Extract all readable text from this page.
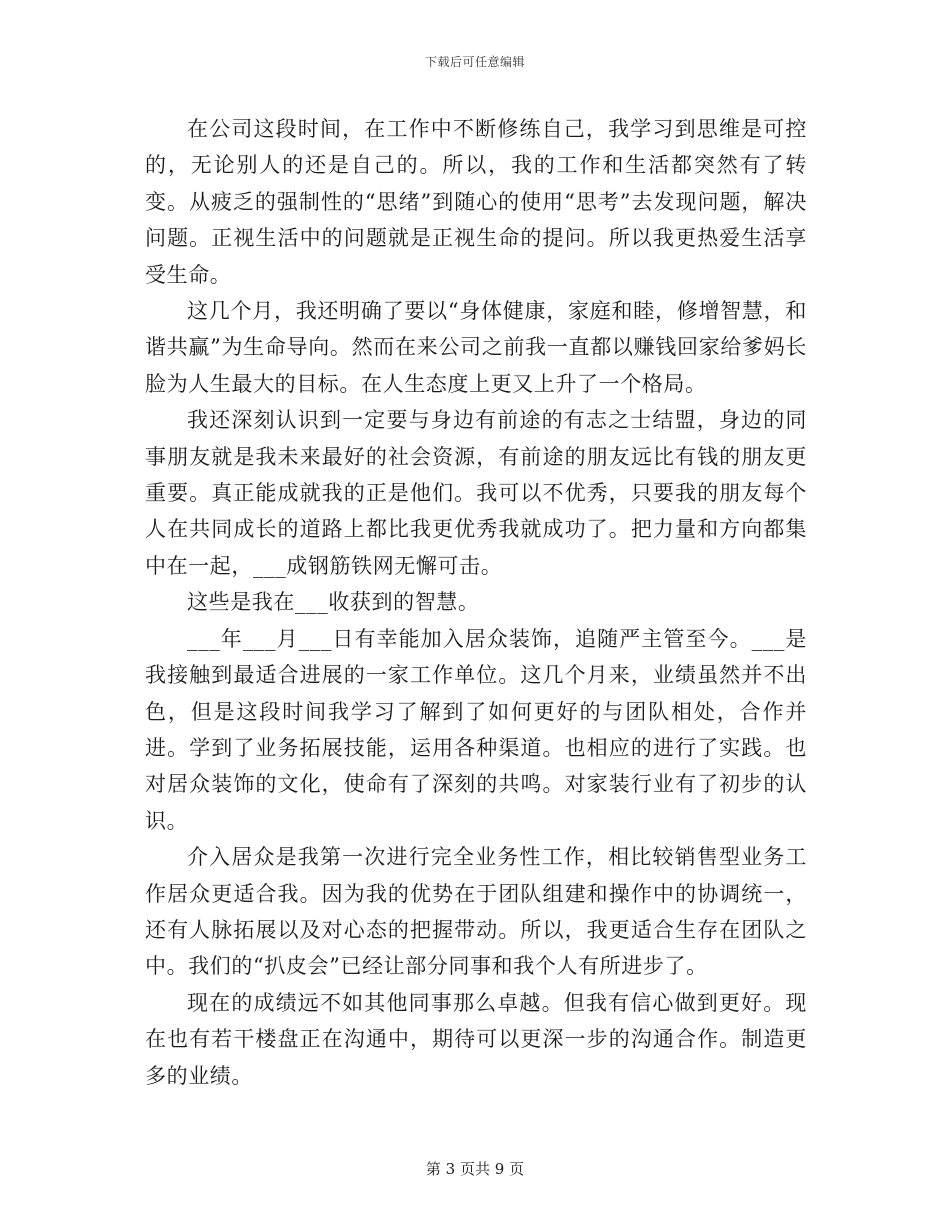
下载后可任意编辑

在公司这段时间，在工作中不断修练自己，我学习到思维是可控的，无论别人的还是自己的。所以，我的工作和生活都突然有了转变。从疲乏的强制性的“思绪”到随心的使用“思考”去发现问题，解决问题。正视生活中的问题就是正视生命的提问。所以我更热爱生活享受生命。

这几个月，我还明确了要以“身体健康，家庭和睦，修增智慧，和谐共赢”为生命导向。然而在来公司之前我一直都以赚钱回家给爹妈长脸为人生最大的目标。在人生态度上更又上升了一个格局。

我还深刻认识到一定要与身边有前途的有志之士结盟，身边的同事朋友就是我未来最好的社会资源，有前途的朋友远比有钱的朋友更重要。真正能成就我的正是他们。我可以不优秀，只要我的朋友每个人在共同成长的道路上都比我更优秀我就成功了。把力量和方向都集中在一起，___成钢筋铁网无懈可击。

这些是我在___收获到的智慧。

___年___月___日有幸能加入居众装饰，追随严主管至今。___是我接触到最适合进展的一家工作单位。这几个月来，业绩虽然并不出色，但是这段时间我学习了解到了如何更好的与团队相处，合作并进。学到了业务拓展技能，运用各种渠道。也相应的进行了实践。也对居众装饰的文化，使命有了深刻的共鸣。对家装行业有了初步的认识。

介入居众是我第一次进行完全业务性工作，相比较销售型业务工作居众更适合我。因为我的优势在于团队组建和操作中的协调统一，还有人脉拓展以及对心态的把握带动。所以，我更适合生存在团队之中。我们的“扒皮会”已经让部分同事和我个人有所进步了。

现在的成绩远不如其他同事那么卓越。但我有信心做到更好。现在也有若干楼盘正在沟通中，期待可以更深一步的沟通合作。制造更多的业绩。

第 3 页共 9 页
